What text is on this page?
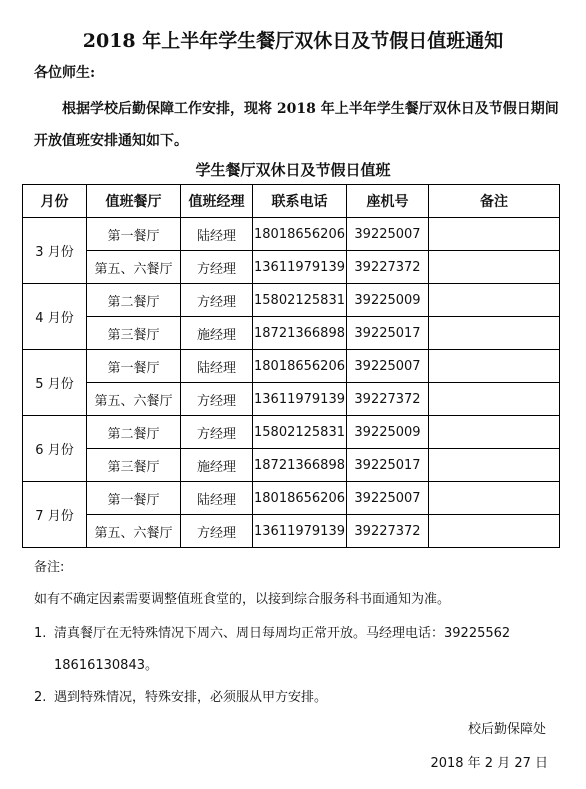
2018 年上半年学生餐厅双休日及节假日值班通知
各位师生:
根据学校后勤保障工作安排，现将 2018 年上半年学生餐厅双休日及节假日期间开放值班安排通知如下。
学生餐厅双休日及节假日值班
月份	值班餐厅	值班经理	联系电话	座机号	备注
3 月份	第一餐厅	陆经理	18018656206	39225007	
	第五、六餐厅	方经理	13611979139	39227372	
4 月份	第二餐厅	方经理	15802125831	39225009	
	第三餐厅	施经理	18721366898	39225017	
5 月份	第一餐厅	陆经理	18018656206	39225007	
	第五、六餐厅	方经理	13611979139	39227372	
6 月份	第二餐厅	方经理	15802125831	39225009	
	第三餐厅	施经理	18721366898	39225017	
7 月份	第一餐厅	陆经理	18018656206	39225007	
	第五、六餐厅	方经理	13611979139	39227372	
备注:
如有不确定因素需要调整值班食堂的，以接到综合服务科书面通知为准。
1. 清真餐厅在无特殊情况下周六、周日每周均正常开放。马经理电话：39225562
18616130843。
2. 遇到特殊情况，特殊安排，必须服从甲方安排。
校后勤保障处
2018 年 2 月 27 日
